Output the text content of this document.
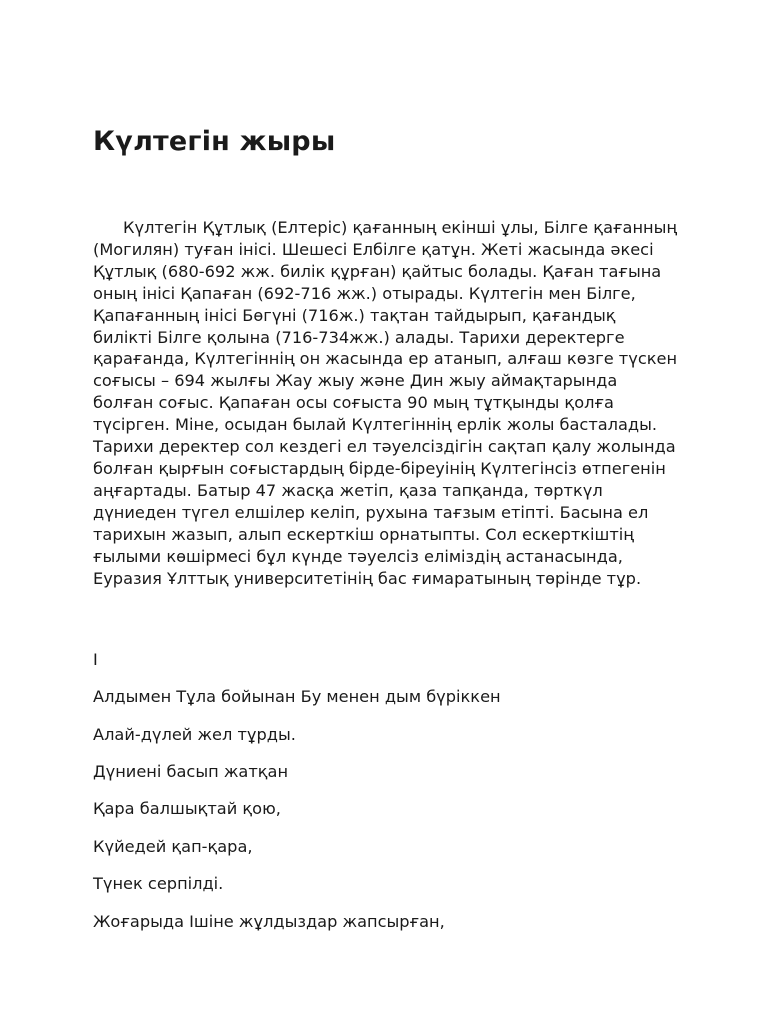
Күлтегін жыры

Күлтегін Құтлық (Елтеріс) қағанның екінші ұлы, Білге қағанның (Могилян) туған інісі. Шешесі Елбілге қатұн. Жеті жасында әкесі Құтлық (680-692 жж. билік құрған) қайтыс болады. Қаған тағына оның інісі Қапаған (692-716 жж.) отырады. Күлтегін мен Білге, Қапағанның інісі Бөгүні (716ж.) тақтан тайдырып, қағандық билікті Білге қолына (716-734жж.) алады. Тарихи деректерге қарағанда, Күлтегіннің он жасында ер атанып, алғаш көзге түскен соғысы – 694 жылғы Жау жыу және Дин жыу аймақтарында болған соғыс. Қапаған осы соғыста 90 мың тұтқынды қолға түсірген. Міне, осыдан былай Күлтегіннің ерлік жолы басталады. Тарихи деректер сол кездегі ел тәуелсіздігін сақтап қалу жолында болған қырғын соғыстардың бірде-біреуінің Күлтегінсіз өтпегенін аңғартады. Батыр 47 жасқа жетіп, қаза тапқанда, төрткүл дүниеден түгел елшілер келіп, рухына тағзым етіпті. Басына ел тарихын жазып, алып ескерткіш орнатыпты. Сол ескерткіштің ғылыми көшірмесі бұл күнде тәуелсіз еліміздің астанасында, Еуразия Ұлттық университетінің бас ғимаратының төрінде тұр.

I

Алдымен Тұла бойынан Бу менен дым бүріккен

Алай-дүлей жел тұрды.

Дүниені басып жатқан

Қара балшықтай қою,

Күйедей қап-қара,

Түнек серпілді.

Жоғарыда Ішіне жұлдыздар жапсырған,
